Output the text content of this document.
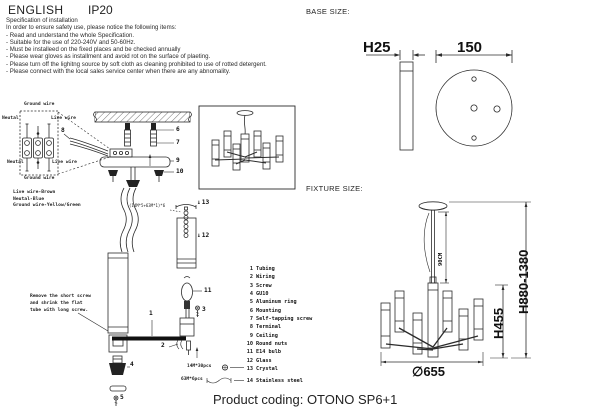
ENGLISH IP20	BASE SIZE:
FIXTURE SIZE:
Specification of installation
In order to ensure safety use, please notice the following items:
- Read and understand the whole Specification.
- Suitable for the use of 220-240V and 50-60Hz.
- Must be installeed on the fixed places and be checked annually
- Please wear gloves as installment and avoid rot on the surface of plaeting.
- Please turn off the lighitng source by soft cloth as cleaning prohibited to use of rotted detergent.
- Please connect with the local sales service center when there are any abnomality.
Ground wire
Neutal	Live wire
Neutal	Live wire
Ground wire
Live wire-Brown
Neutal-Blue
Ground wire-Yellow/Green
H25	150
6
7
9
10
8
↓13
↓12
11
3
1
2
4
5
(14M*5+63M*1)*6
Remove the short screw
and shrink the flat
tube with long screw.
14M*30pcs
63M*6pcs
1 Tubing
2 Wiring
3 Screw
4 GU10
5 Aluminum ring
6 Mounting
7 Self-tapping screw
8 Terminal
9 Ceiling
10 Round nuts
11 E14 bulb
12 Glass
13 Crystal
14 Stainless steel
90CM
H455
H880-1380
∅655
Product coding: OTONO SP6+1
